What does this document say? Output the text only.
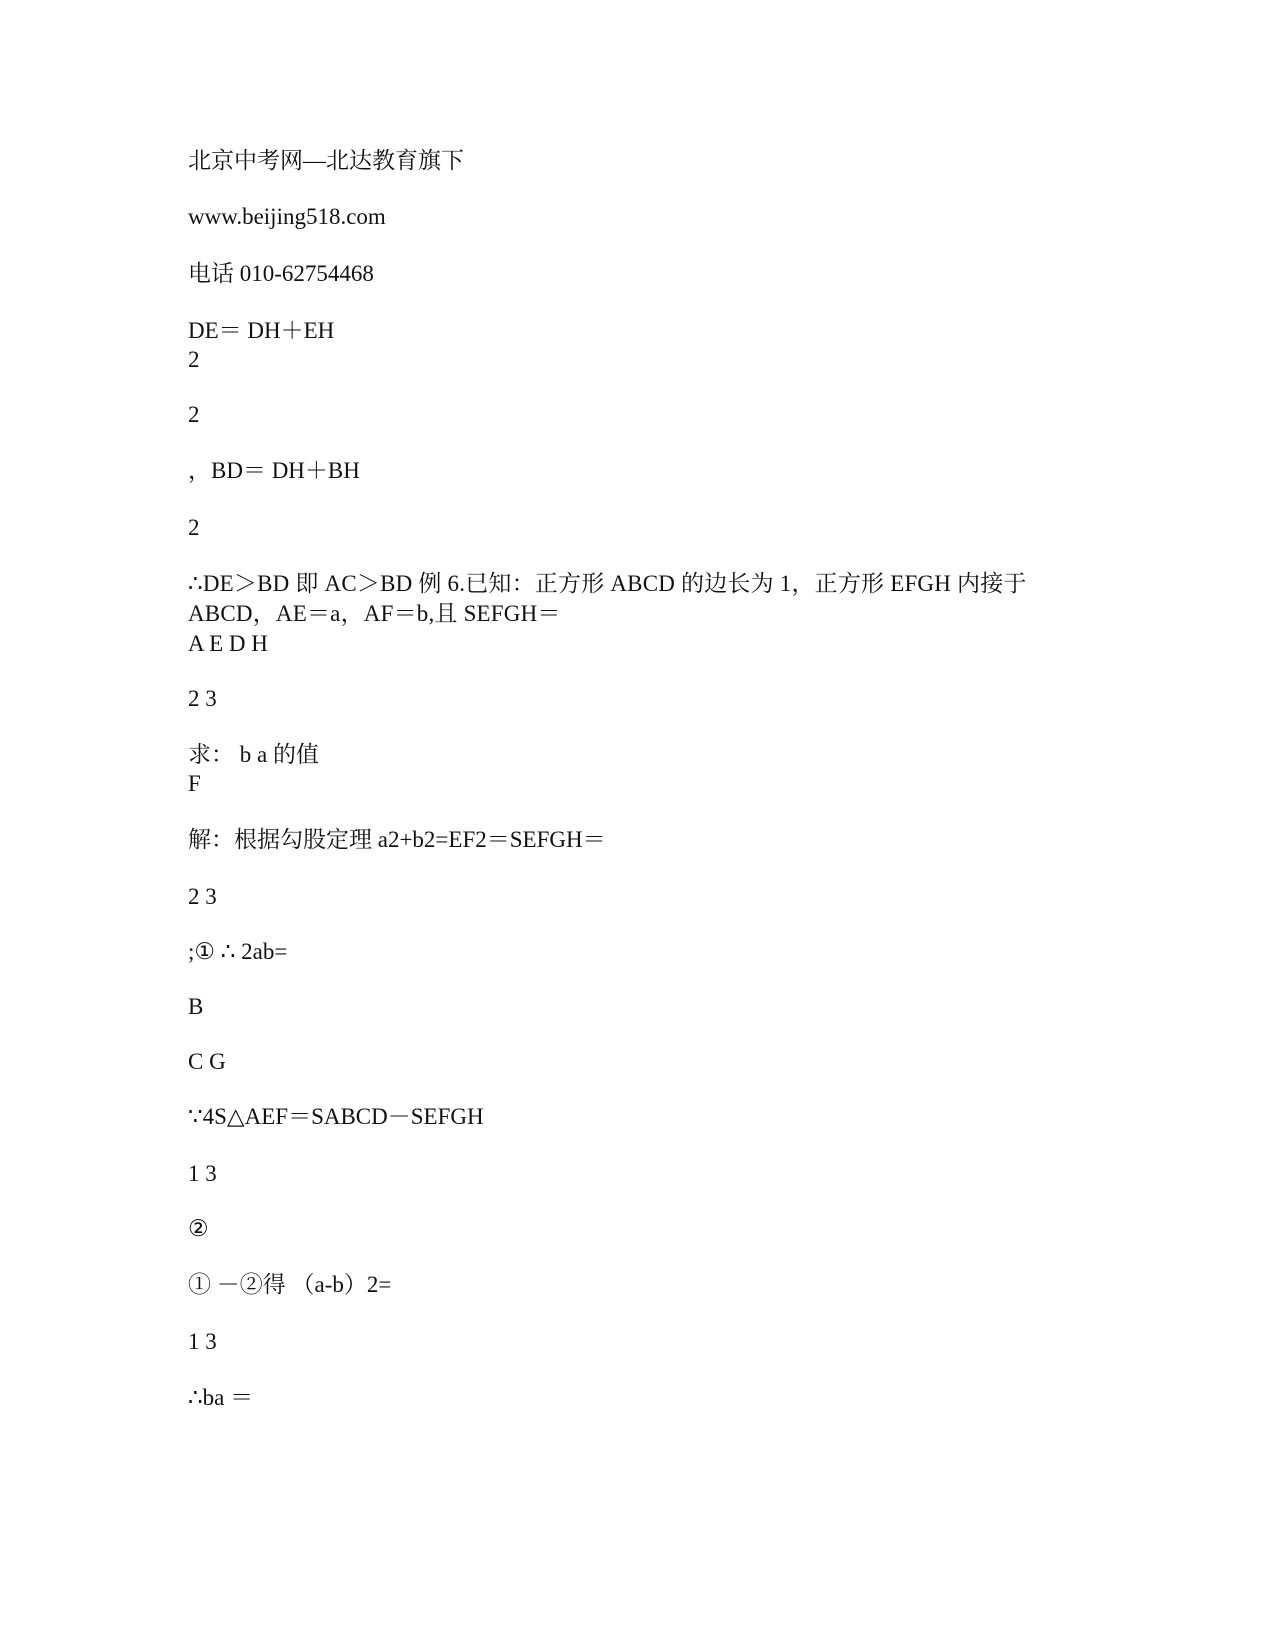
北京中考网—北达教育旗下
www.beijing518.com
电话 010-62754468
DE＝ DH＋EH
2
2
，BD＝ DH＋BH
2
∴DE＞BD 即 AC＞BD 例 6.已知：正方形 ABCD 的边长为 1，正方形 EFGH 内接于 ABCD，AE＝a，AF＝b,且 SEFGH＝
A E D H
2 3
求： b a 的值
F
解：根据勾股定理 a2+b2=EF2＝SEFGH＝
2 3
;① ∴ 2ab=
B
C G
∵4S△AEF＝SABCD－SEFGH
1 3
②
① －②得 （a-b）2=
1 3
∴ba ＝
